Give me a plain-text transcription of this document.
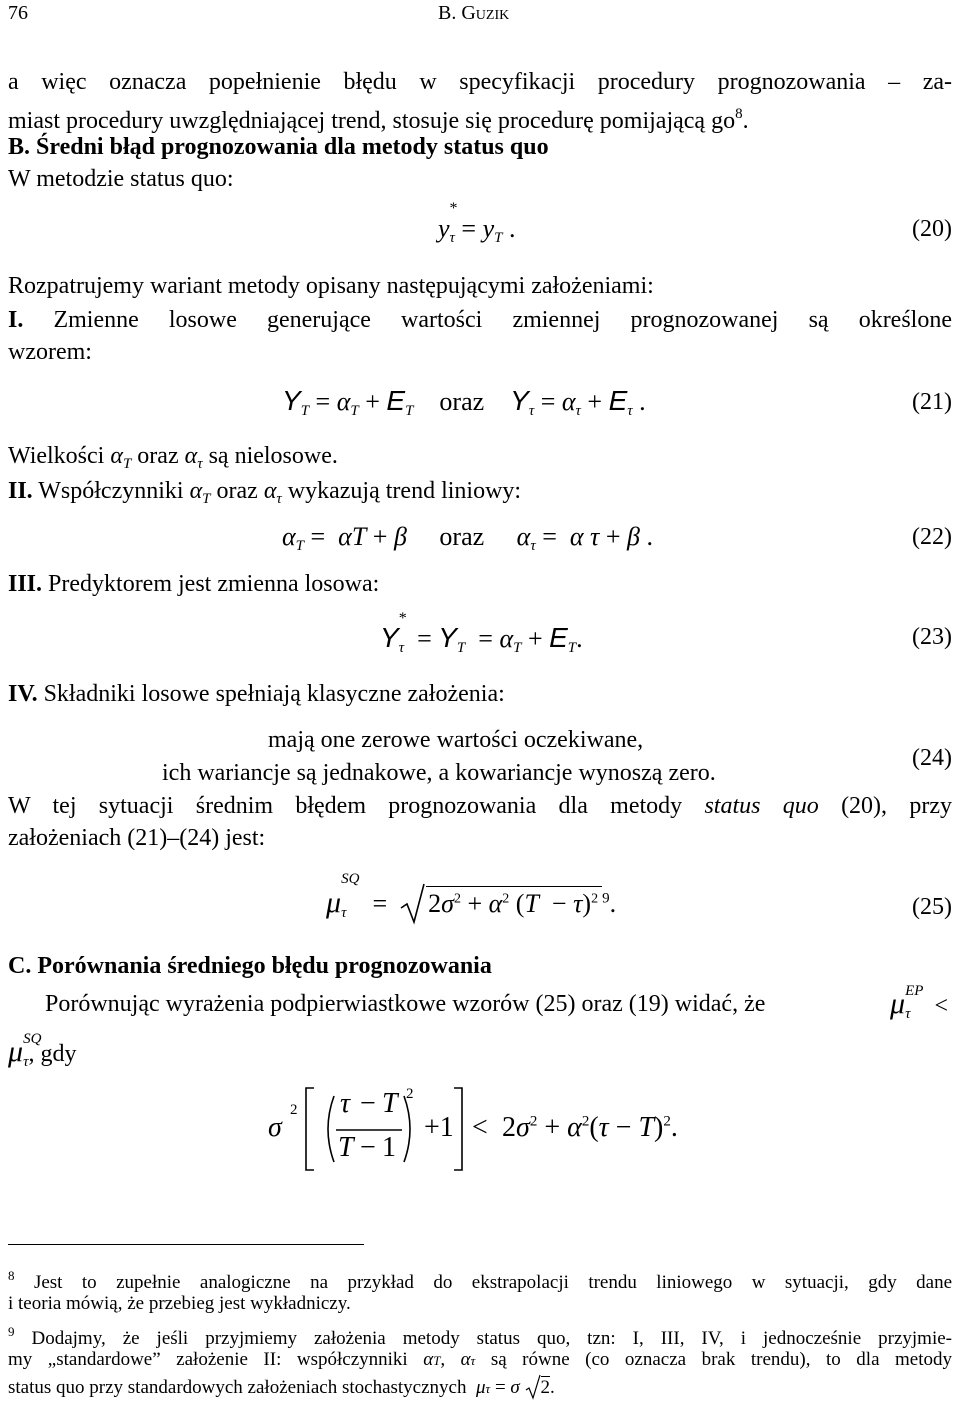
76	B. Guzik
a więc oznacza popełnienie błędu w specyfikacji procedury prognozowania – za-
miast procedury uwzględniającej trend, stosuje się procedurę pomijającą $go^8$.
B. Średni błąd prognozowania dla metody status quo
W metodzie status quo:
y
*
$_\tau = y_T$ .	(20)
Rozpatrujemy wariant metody opisany następującymi założeniami:
I. Zmienne losowe generujące wartości zmiennej prognozowanej są określone
wzorem:
$Y_T = \alpha_T + E_T$ oraz $Y_\tau = \alpha_\tau + E_\tau$ .	(21)
Wielkości $\alpha_T$ oraz $\alpha_\tau$ są nielosowe.
II. Współczynniki $\alpha_T$ oraz $\alpha_\tau$ wykazują trend liniowy:
$\alpha_T = \alpha T + \beta$ oraz $\alpha_\tau = \alpha$ τ + β .	(22)
III. Predyktorem jest zmienna losowa:
Y
*
$_\tau = Y_T = \alpha_T + E_T$.	(23)
IV. Składniki losowe spełniają klasyczne założenia:
mają one zerowe wartości oczekiwane,
ich wariancje są jednakowe, a kowariancje wynoszą zero.
(24)
W tej sytuacji średnim błędem prognozowania dla metody status quo (20), przy
założeniach (21)–(24) jest:
μ
SQ
$_\tau$    =  $2\sigma^2 + \alpha^2$ $(T - \tau)^2$ $^9$.	(25)
C. Porównania średniego błędu prognozowania
Porównując wyrażenia podpierwiastkowe wzorów (25) oraz (19) widać, że	μ EP
$_\tau$ <
μ SQ
$_\tau$, gdy
σ
2 τ − T
T − 1
2
$+1 < 2\sigma^2 + \alpha^2(\tau - T)^2$.
$^8$ Jest to zupełnie analogiczne na przykład do ekstrapolacji trendu liniowego w sytuacji, gdy dane
i teoria mówią, że przebieg jest wykładniczy.
$^9$ Dodajmy, że jeśli przyjmiemy założenia metody status quo, tzn: I, III, IV, i jednocześnie przyjmie-
my „standardowe” założenie II: współczynniki αT, ατ są równe (co oznacza brak trendu), to dla metody
status quo przy standardowych założeniach stochastycznych μτ = σ 2.
